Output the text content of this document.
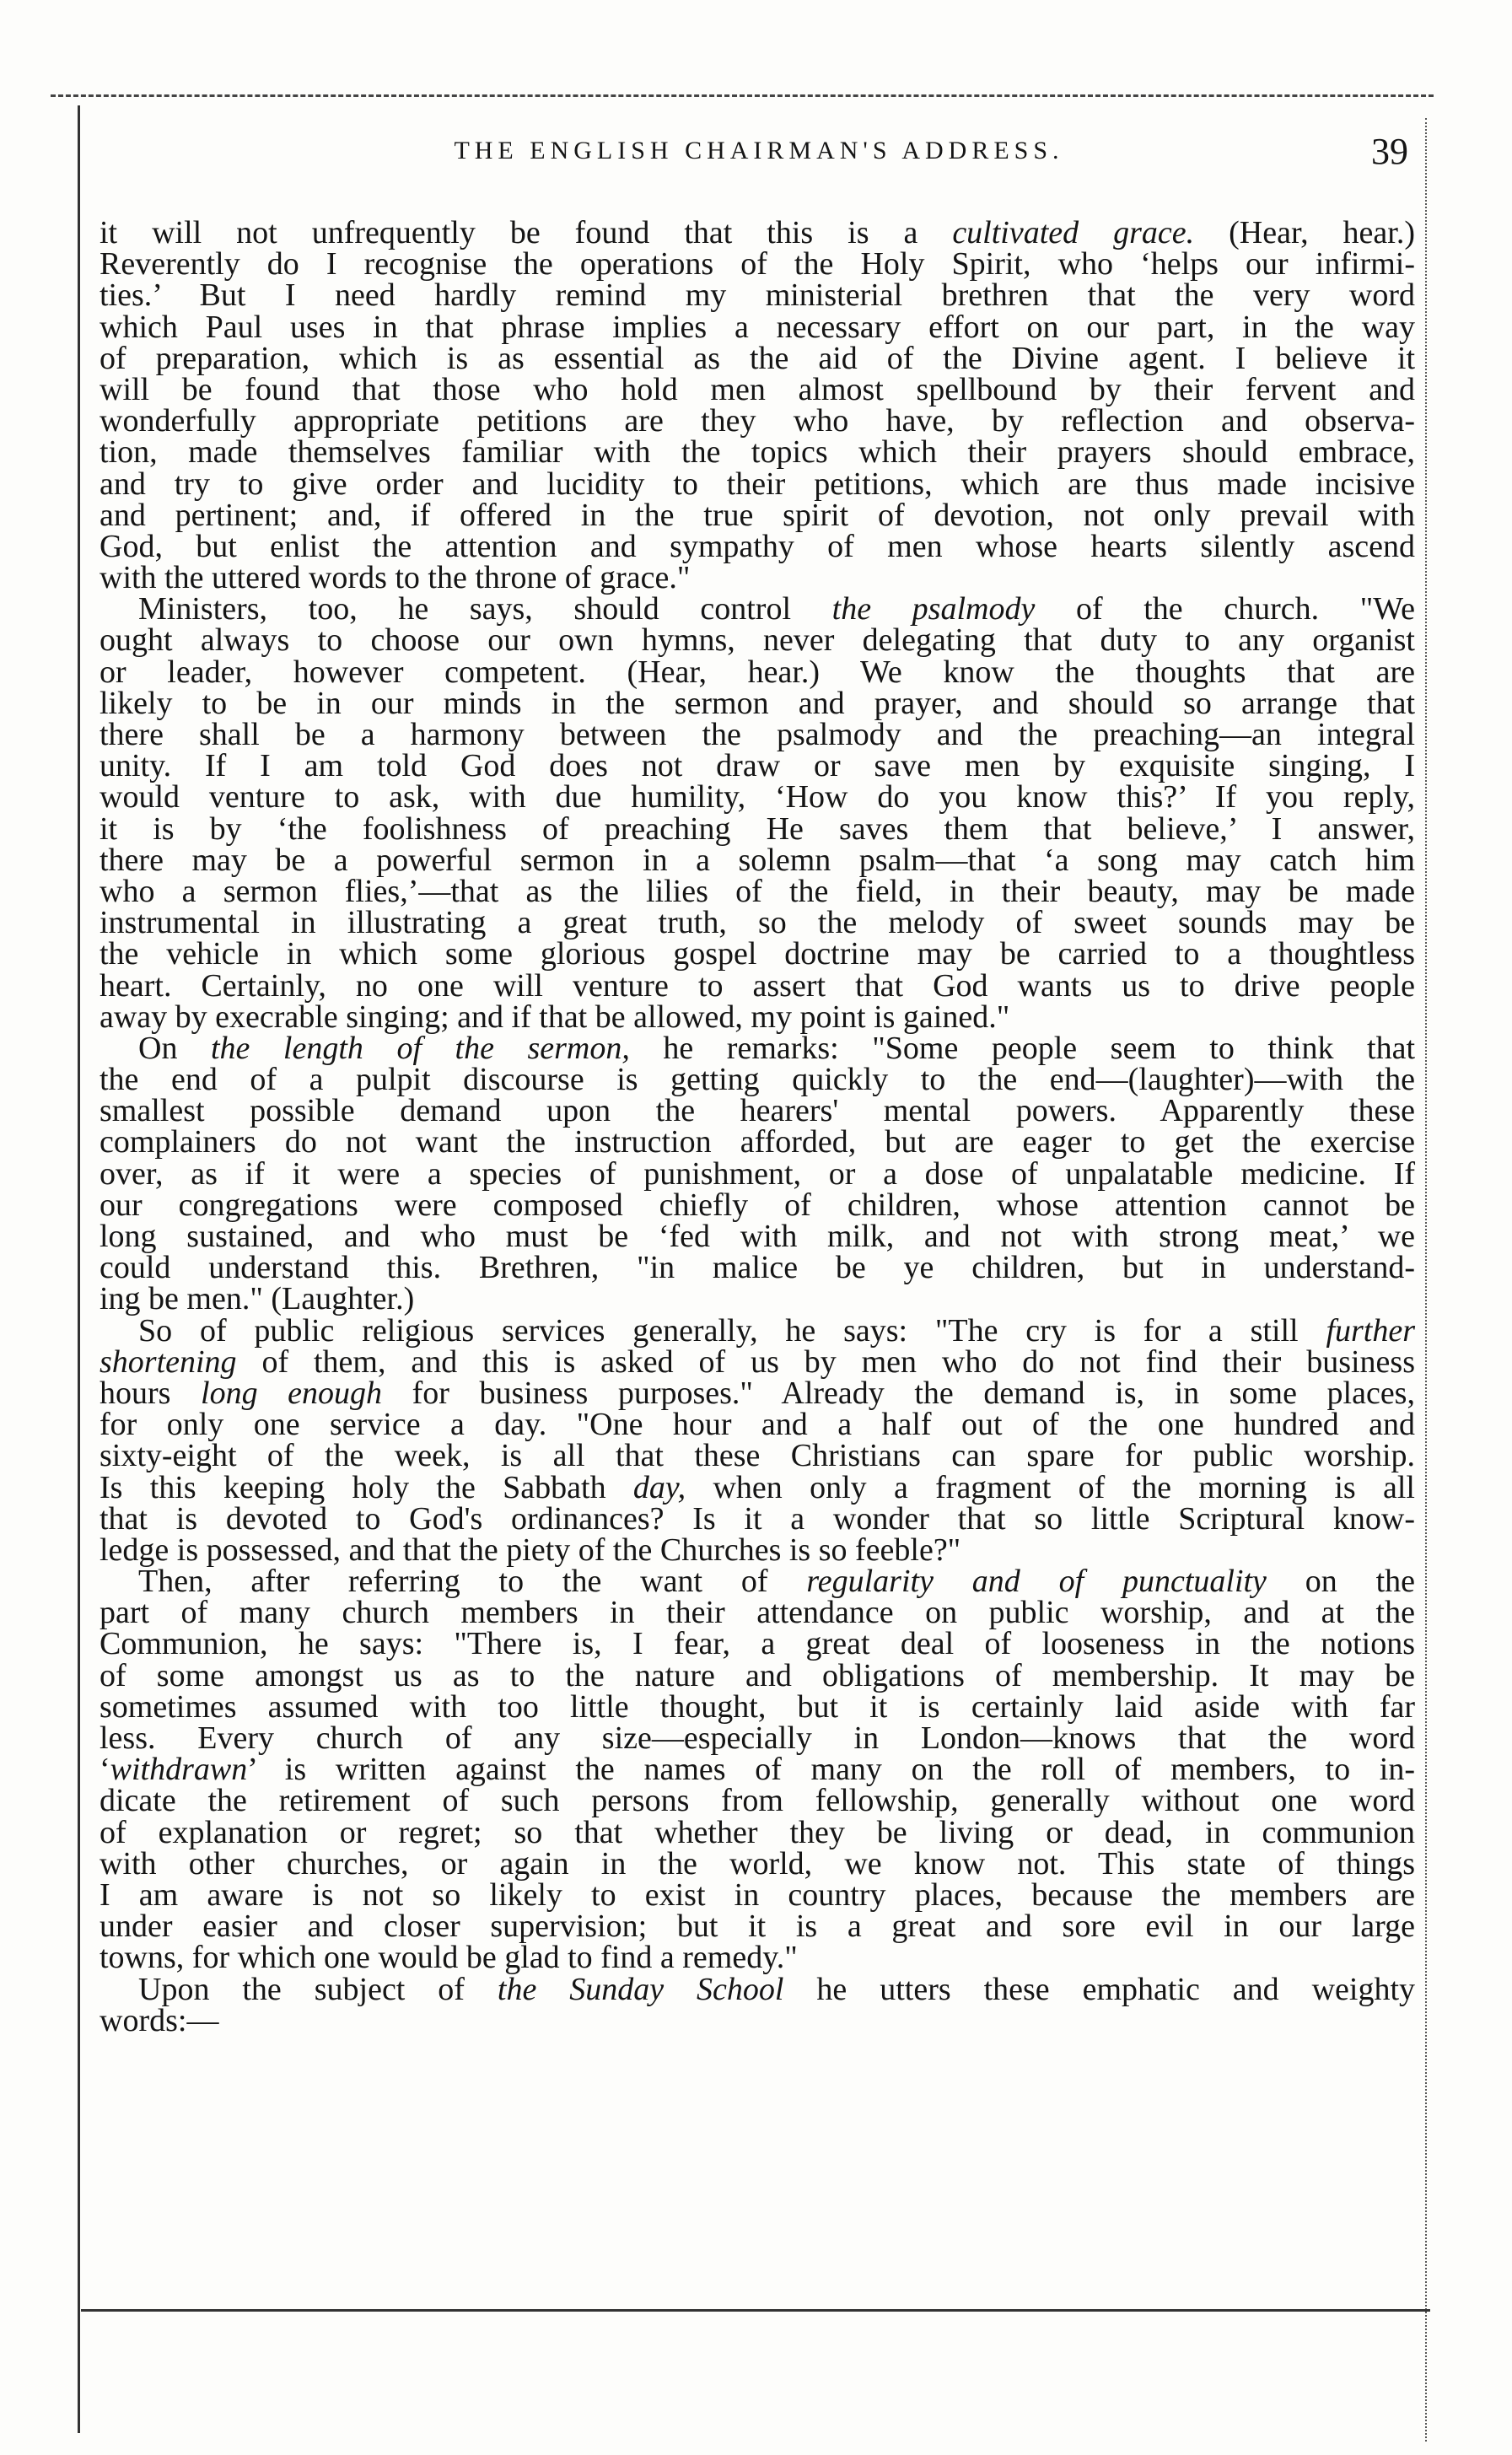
THE ENGLISH CHAIRMAN'S ADDRESS.	39
it will not unfrequently be found that this is a cultivated grace. (Hear, hear.)
Reverently do I recognise the operations of the Holy Spirit, who ‘helps our infirmi-
ties.’ But I need hardly remind my ministerial brethren that the very word
which Paul uses in that phrase implies a necessary effort on our part, in the way
of preparation, which is as essential as the aid of the Divine agent. I believe it
will be found that those who hold men almost spellbound by their fervent and
wonderfully appropriate petitions are they who have, by reflection and observa-
tion, made themselves familiar with the topics which their prayers should embrace,
and try to give order and lucidity to their petitions, which are thus made incisive
and pertinent; and, if offered in the true spirit of devotion, not only prevail with
God, but enlist the attention and sympathy of men whose hearts silently ascend
with the uttered words to the throne of grace."
Ministers, too, he says, should control the psalmody of the church. "We
ought always to choose our own hymns, never delegating that duty to any organist
or leader, however competent. (Hear, hear.) We know the thoughts that are
likely to be in our minds in the sermon and prayer, and should so arrange that
there shall be a harmony between the psalmody and the preaching—an integral
unity. If I am told God does not draw or save men by exquisite singing, I
would venture to ask, with due humility, ‘How do you know this?’ If you reply,
it is by ‘the foolishness of preaching He saves them that believe,’ I answer,
there may be a powerful sermon in a solemn psalm—that ‘a song may catch him
who a sermon flies,’—that as the lilies of the field, in their beauty, may be made
instrumental in illustrating a great truth, so the melody of sweet sounds may be
the vehicle in which some glorious gospel doctrine may be carried to a thoughtless
heart. Certainly, no one will venture to assert that God wants us to drive people
away by execrable singing; and if that be allowed, my point is gained."
On the length of the sermon, he remarks: "Some people seem to think that
the end of a pulpit discourse is getting quickly to the end—(laughter)—with the
smallest possible demand upon the hearers' mental powers. Apparently these
complainers do not want the instruction afforded, but are eager to get the exercise
over, as if it were a species of punishment, or a dose of unpalatable medicine. If
our congregations were composed chiefly of children, whose attention cannot be
long sustained, and who must be ‘fed with milk, and not with strong meat,’ we
could understand this. Brethren, "in malice be ye children, but in understand-
ing be men." (Laughter.)
So of public religious services generally, he says: "The cry is for a still further
shortening of them, and this is asked of us by men who do not find their business
hours long enough for business purposes." Already the demand is, in some places,
for only one service a day. "One hour and a half out of the one hundred and
sixty-eight of the week, is all that these Christians can spare for public worship.
Is this keeping holy the Sabbath day, when only a fragment of the morning is all
that is devoted to God's ordinances? Is it a wonder that so little Scriptural know-
ledge is possessed, and that the piety of the Churches is so feeble?"
Then, after referring to the want of regularity and of punctuality on the
part of many church members in their attendance on public worship, and at the
Communion, he says: "There is, I fear, a great deal of looseness in the notions
of some amongst us as to the nature and obligations of membership. It may be
sometimes assumed with too little thought, but it is certainly laid aside with far
less. Every church of any size—especially in London—knows that the word
‘withdrawn’ is written against the names of many on the roll of members, to in-
dicate the retirement of such persons from fellowship, generally without one word
of explanation or regret; so that whether they be living or dead, in communion
with other churches, or again in the world, we know not. This state of things
I am aware is not so likely to exist in country places, because the members are
under easier and closer supervision; but it is a great and sore evil in our large
towns, for which one would be glad to find a remedy."
Upon the subject of the Sunday School he utters these emphatic and weighty
words:—
